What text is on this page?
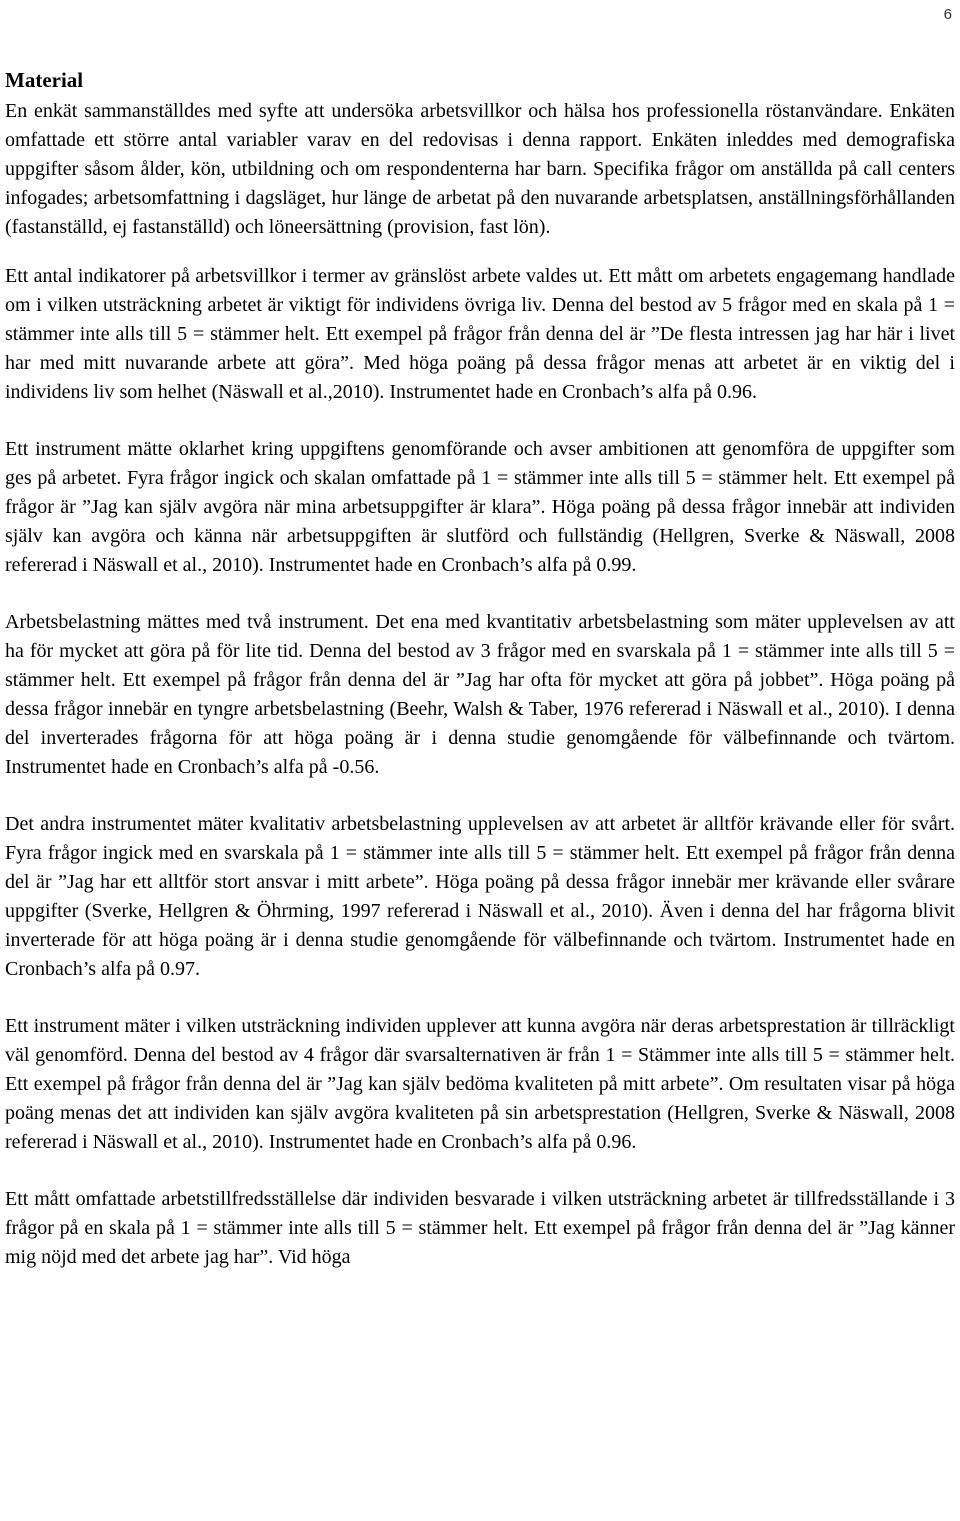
6
Material

En enkät sammanställdes med syfte att undersöka arbetsvillkor och hälsa hos professionella röstanvändare. Enkäten omfattade ett större antal variabler varav en del redovisas i denna rapport. Enkäten inleddes med demografiska uppgifter såsom ålder, kön, utbildning och om respondenterna har barn. Specifika frågor om anställda på call centers infogades; arbetsomfattning i dagsläget, hur länge de arbetat på den nuvarande arbetsplatsen, anställningsförhållanden (fastanställd, ej fastanställd) och löneersättning (provision, fast lön).

Ett antal indikatorer på arbetsvillkor i termer av gränslöst arbete valdes ut. Ett mått om arbetets engagemang handlade om i vilken utsträckning arbetet är viktigt för individens övriga liv. Denna del bestod av 5 frågor med en skala på 1 = stämmer inte alls till 5 = stämmer helt. Ett exempel på frågor från denna del är ”De flesta intressen jag har här i livet har med mitt nuvarande arbete att göra”. Med höga poäng på dessa frågor menas att arbetet är en viktig del i individens liv som helhet (Näswall et al.,2010). Instrumentet hade en Cronbach’s alfa på 0.96.

Ett instrument mätte oklarhet kring uppgiftens genomförande och avser ambitionen att genomföra de uppgifter som ges på arbetet. Fyra frågor ingick och skalan omfattade på 1 = stämmer inte alls till 5 = stämmer helt. Ett exempel på frågor är ”Jag kan själv avgöra när mina arbetsuppgifter är klara”. Höga poäng på dessa frågor innebär att individen själv kan avgöra och känna när arbetsuppgiften är slutförd och fullständig (Hellgren, Sverke & Näswall, 2008 refererad i Näswall et al., 2010). Instrumentet hade en Cronbach’s alfa på 0.99.

Arbetsbelastning mättes med två instrument. Det ena med kvantitativ arbetsbelastning som mäter upplevelsen av att ha för mycket att göra på för lite tid. Denna del bestod av 3 frågor med en svarskala på 1 = stämmer inte alls till 5 = stämmer helt. Ett exempel på frågor från denna del är ”Jag har ofta för mycket att göra på jobbet”. Höga poäng på dessa frågor innebär en tyngre arbetsbelastning (Beehr, Walsh & Taber, 1976 refererad i Näswall et al., 2010). I denna del inverterades frågorna för att höga poäng är i denna studie genomgående för välbefinnande och tvärtom. Instrumentet hade en Cronbach’s alfa på -0.56.

Det andra instrumentet mäter kvalitativ arbetsbelastning upplevelsen av att arbetet är alltför krävande eller för svårt. Fyra frågor ingick med en svarskala på 1 = stämmer inte alls till 5 = stämmer helt. Ett exempel på frågor från denna del är ”Jag har ett alltför stort ansvar i mitt arbete”. Höga poäng på dessa frågor innebär mer krävande eller svårare uppgifter (Sverke, Hellgren & Öhrming, 1997 refererad i Näswall et al., 2010). Även i denna del har frågorna blivit inverterade för att höga poäng är i denna studie genomgående för välbefinnande och tvärtom. Instrumentet hade en Cronbach’s alfa på 0.97.

Ett instrument mäter i vilken utsträckning individen upplever att kunna avgöra när deras arbetsprestation är tillräckligt väl genomförd. Denna del bestod av 4 frågor där svarsalternativen är från 1 = Stämmer inte alls till 5 = stämmer helt. Ett exempel på frågor från denna del är ”Jag kan själv bedöma kvaliteten på mitt arbete”. Om resultaten visar på höga poäng menas det att individen kan själv avgöra kvaliteten på sin arbetsprestation (Hellgren, Sverke & Näswall, 2008 refererad i Näswall et al., 2010). Instrumentet hade en Cronbach’s alfa på 0.96.

Ett mått omfattade arbetstillfredsställelse där individen besvarade i vilken utsträckning arbetet är tillfredsställande i 3 frågor på en skala på 1 = stämmer inte alls till 5 = stämmer helt. Ett exempel på frågor från denna del är ”Jag känner mig nöjd med det arbete jag har”. Vid höga
